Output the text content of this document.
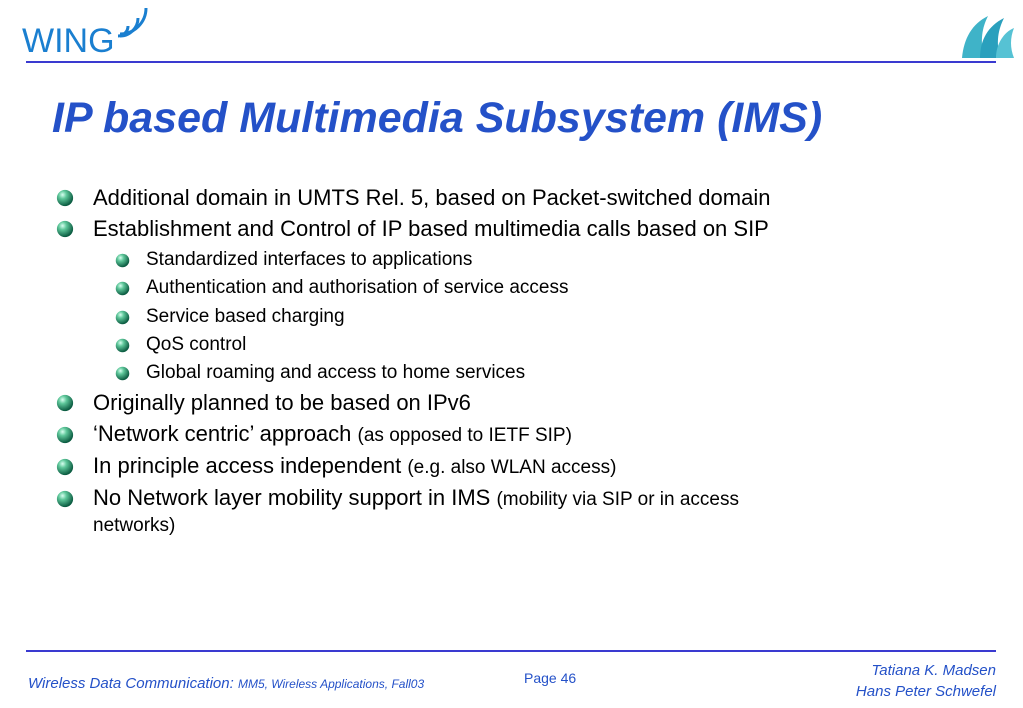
WING
IP based Multimedia Subsystem (IMS)
Additional domain in UMTS Rel. 5, based on Packet-switched domain
Establishment and Control of IP based multimedia calls based on SIP
Standardized interfaces to applications
Authentication and authorisation of service access
Service based charging
QoS control
Global roaming and access to home services
Originally planned to be based on IPv6
‘Network centric’ approach (as opposed to IETF SIP)
In principle access independent (e.g. also WLAN access)
No Network layer mobility support in IMS (mobility via SIP or in access
networks)
Wireless Data Communication: MM5, Wireless Applications, Fall03	Page 46	Tatiana K. Madsen
Hans Peter Schwefel
